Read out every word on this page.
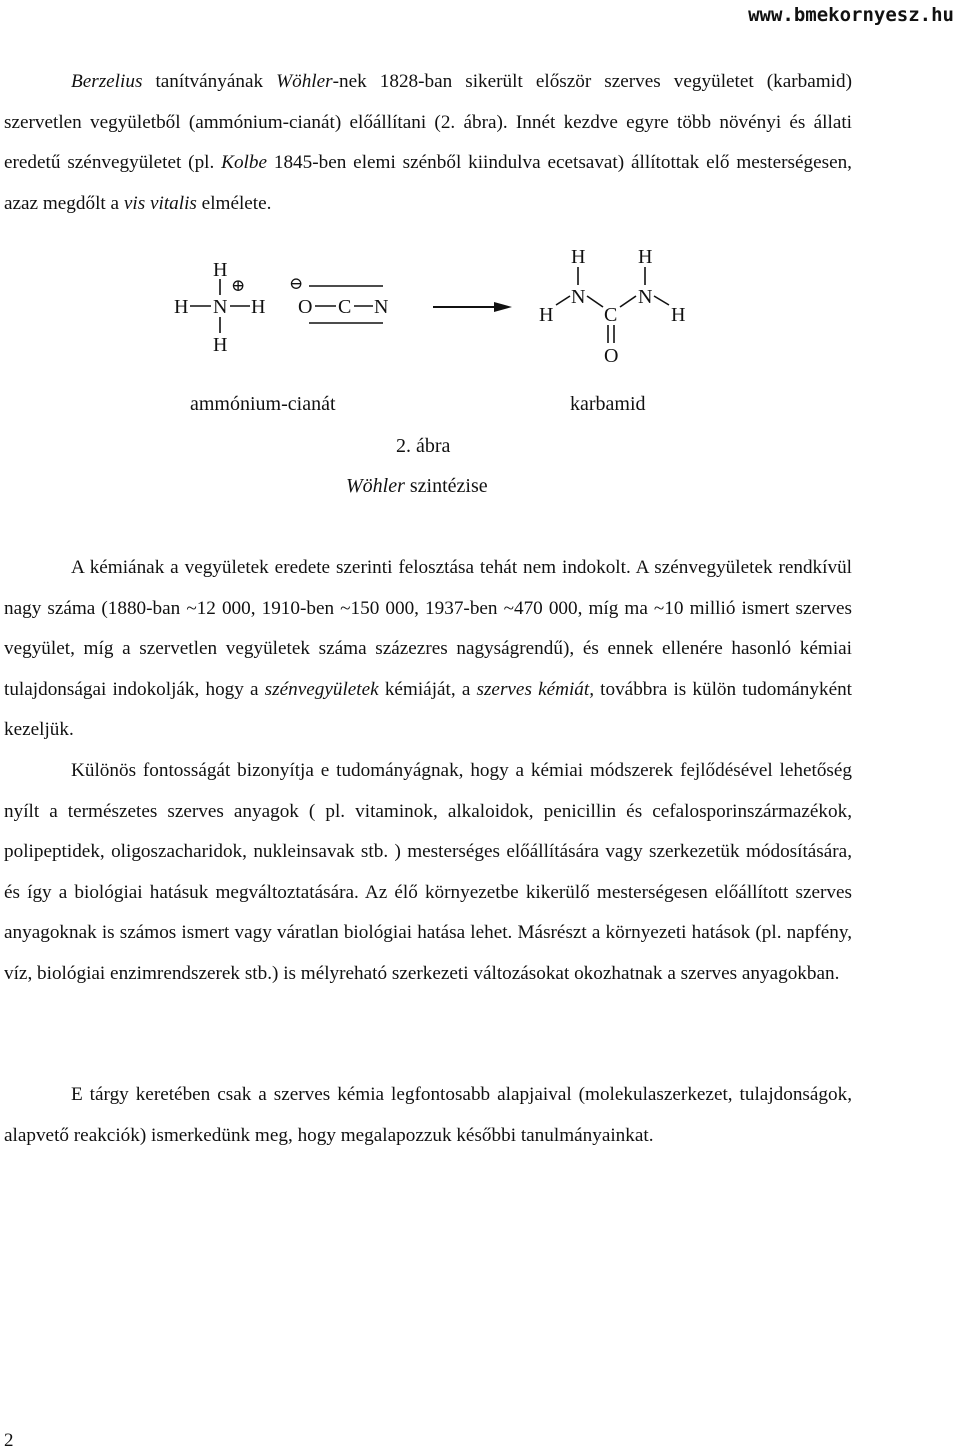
www.bmekornyesz.hu

Berzelius tanítványának Wöhler-nek 1828-ban sikerült először szerves vegyületet (karbamid) szervetlen vegyületből (ammónium-cianát) előállítani (2. ábra). Innét kezdve egyre több növényi és állati eredetű szénvegyületet (pl. Kolbe 1845-ben elemi szénből kiindulva ecetsavat) állítottak elő mesterségesen, azaz megdőlt a vis vitalis elmélete.

H
H N H
H
⊕	⊖
O C N
H	H
N	N
H	C	H
O
ammónium-cianát	karbamid
2. ábra
Wöhler szintézise

A kémiának a vegyületek eredete szerinti felosztása tehát nem indokolt. A szénvegyületek rendkívül nagy száma (1880-ban ~12 000, 1910-ben ~150 000, 1937-ben ~470 000, míg ma ~10 millió ismert szerves vegyület, míg a szervetlen vegyületek száma százezres nagyságrendű), és ennek ellenére hasonló kémiai tulajdonságai indokolják, hogy a szénvegyületek kémiáját, a szerves kémiát, továbbra is külön tudományként kezeljük.

Különös fontosságát bizonyítja e tudományágnak, hogy a kémiai módszerek fejlődésével lehetőség nyílt a természetes szerves anyagok ( pl. vitaminok, alkaloidok, penicillin és cefalosporinszármazékok, polipeptidek, oligoszacharidok, nukleinsavak stb. ) mesterséges előállítására vagy szerkezetük módosítására, és így a biológiai hatásuk megváltoztatására. Az élő környezetbe kikerülő mesterségesen előállított szerves anyagoknak is számos ismert vagy váratlan biológiai hatása lehet. Másrészt a környezeti hatások (pl. napfény, víz, biológiai enzimrendszerek stb.) is mélyreható szerkezeti változásokat okozhatnak a szerves anyagokban.

E tárgy keretében csak a szerves kémia legfontosabb alapjaival (molekulaszerkezet, tulajdonságok, alapvető reakciók) ismerkedünk meg, hogy megalapozzuk későbbi tanulmányainkat.

2
